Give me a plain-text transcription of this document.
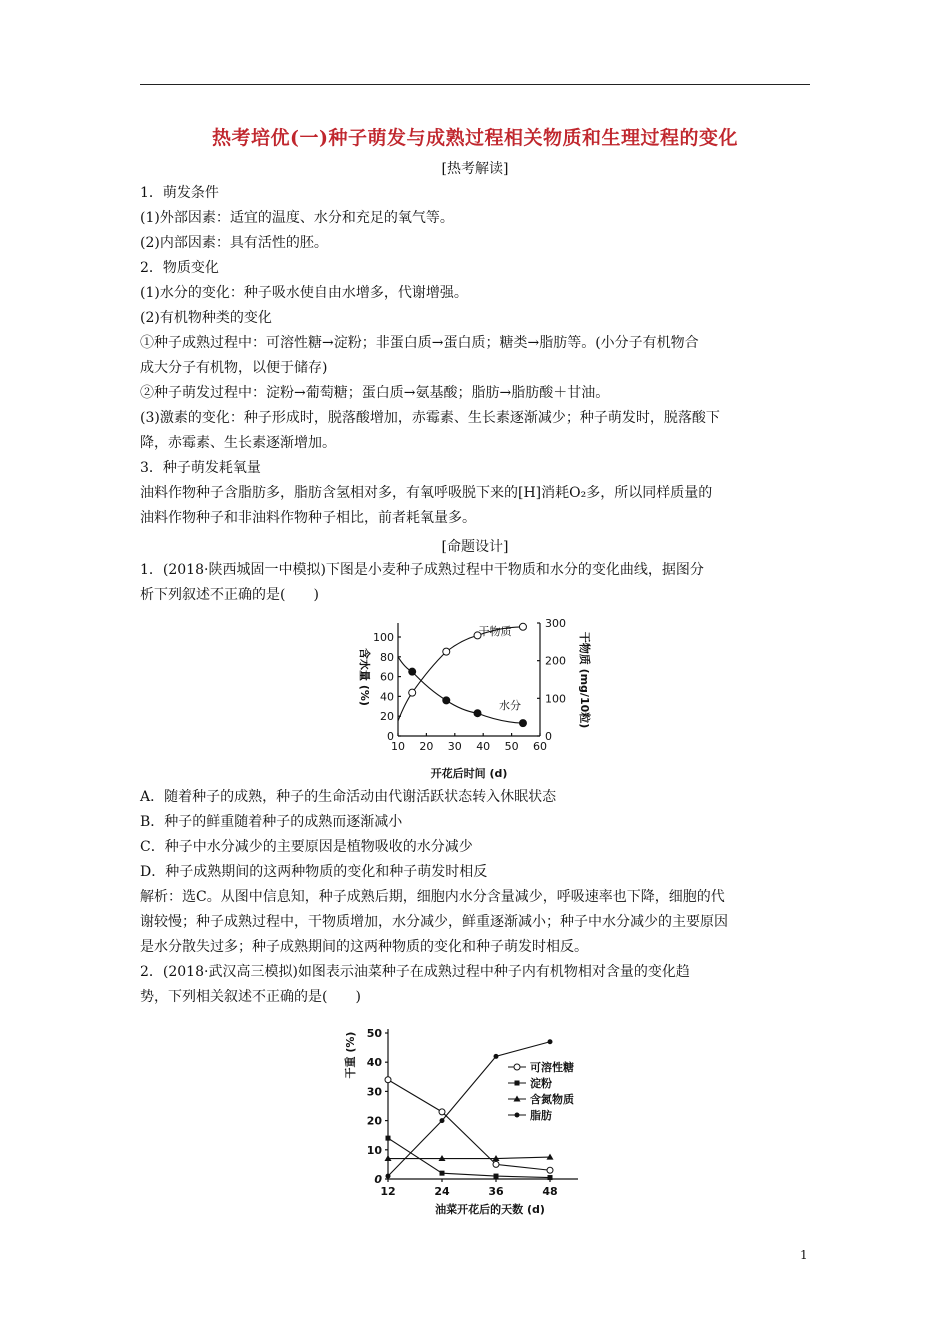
热考培优(一)种子萌发与成熟过程相关物质和生理过程的变化
[热考解读]
1．萌发条件
(1)外部因素：适宜的温度、水分和充足的氧气等。
(2)内部因素：具有活性的胚。
2．物质变化
(1)水分的变化：种子吸水使自由水增多，代谢增强。
(2)有机物种类的变化
①种子成熟过程中：可溶性糖→淀粉；非蛋白质→蛋白质；糖类→脂肪等。(小分子有机物合
成大分子有机物，以便于储存)
②种子萌发过程中：淀粉→葡萄糖；蛋白质→氨基酸；脂肪→脂肪酸＋甘油。
(3)激素的变化：种子形成时，脱落酸增加，赤霉素、生长素逐渐减少；种子萌发时，脱落酸下
降，赤霉素、生长素逐渐增加。
3．种子萌发耗氧量
油料作物种子含脂肪多，脂肪含氢相对多，有氧呼吸脱下来的[H]消耗O₂多，所以同样质量的
油料作物种子和非油料作物种子相比，前者耗氧量多。
[命题设计]
1．(2018·陕西城固一中模拟)下图是小麦种子成熟过程中干物质和水分的变化曲线，据图分
析下列叙述不正确的是(　　)
10 20 30 40 50 60
0
20
40
60
80
100
0
100
200
300
含水量 (%)	干物质 (mg/10粒)
开花后时间 (d)
干物质
水分
A．随着种子的成熟，种子的生命活动由代谢活跃状态转入休眠状态
B．种子的鲜重随着种子的成熟而逐渐减小
C．种子中水分减少的主要原因是植物吸收的水分减少
D．种子成熟期间的这两种物质的变化和种子萌发时相反
解析：选C。从图中信息知，种子成熟后期，细胞内水分含量减少，呼吸速率也下降，细胞的代
谢较慢；种子成熟过程中，干物质增加，水分减少，鲜重逐渐减小；种子中水分减少的主要原因
是水分散失过多；种子成熟期间的这两种物质的变化和种子萌发时相反。
2．(2018·武汉高三模拟)如图表示油菜种子在成熟过程中种子内有机物相对含量的变化趋
势，下列相关叙述不正确的是(　　)
12	24	36	48
0
10
20
30
40
50
干重 (%)
油菜开花后的天数 (d)
可溶性糖
淀粉
含氮物质
脂肪
1
